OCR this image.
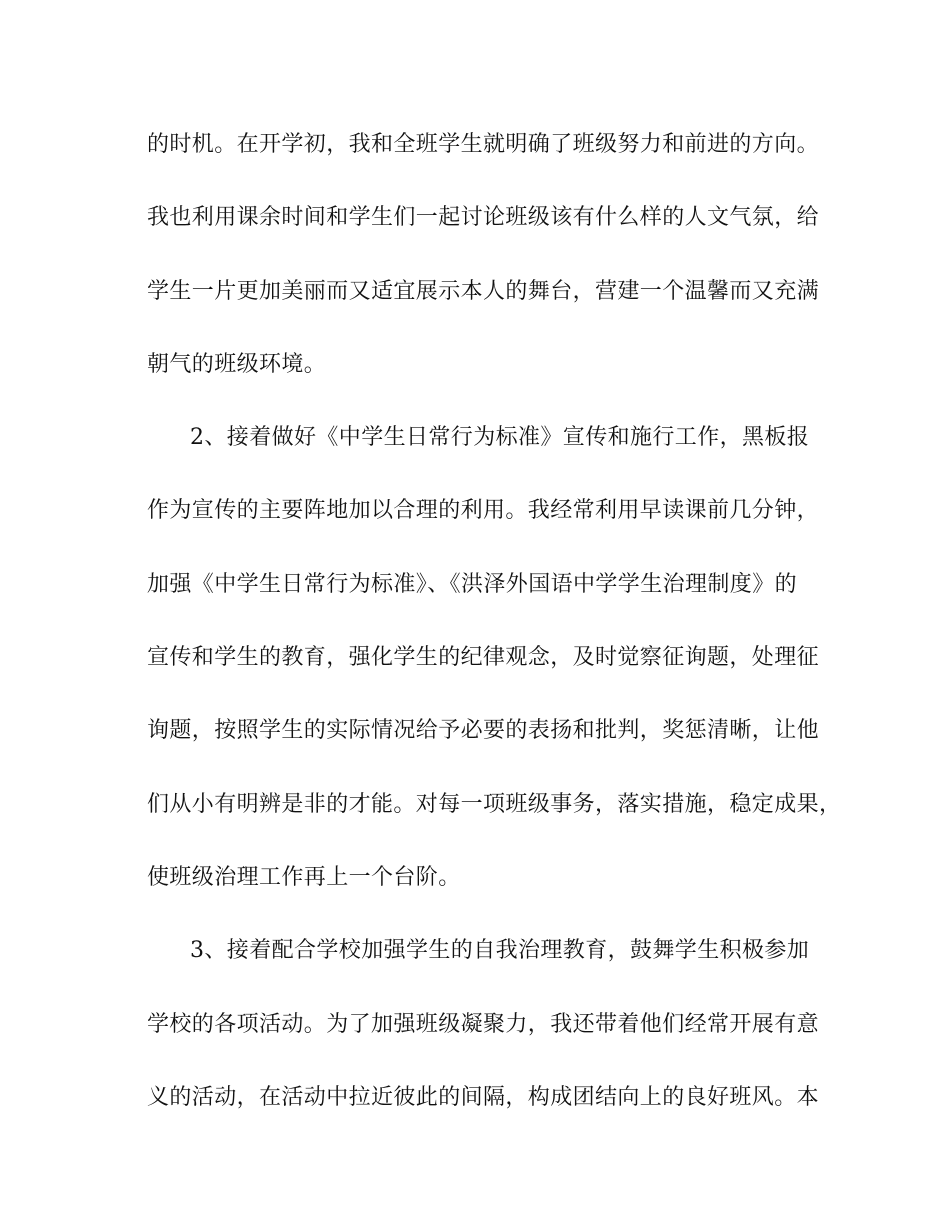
的时机。在开学初，我和全班学生就明确了班级努力和前进的方向。
我也利用课余时间和学生们一起讨论班级该有什么样的人文气氛，给
学生一片更加美丽而又适宜展示本人的舞台，营建一个温馨而又充满
朝气的班级环境。
2、接着做好《中学生日常行为标准》宣传和施行工作，黑板报
作为宣传的主要阵地加以合理的利用。我经常利用早读课前几分钟，
加强《中学生日常行为标准》、《洪泽外国语中学学生治理制度》的
宣传和学生的教育，强化学生的纪律观念，及时觉察征询题，处理征
询题，按照学生的实际情况给予必要的表扬和批判，奖惩清晰，让他
们从小有明辨是非的才能。对每一项班级事务，落实措施，稳定成果，
使班级治理工作再上一个台阶。
3、接着配合学校加强学生的自我治理教育，鼓舞学生积极参加
学校的各项活动。为了加强班级凝聚力，我还带着他们经常开展有意
义的活动，在活动中拉近彼此的间隔，构成团结向上的良好班风。本
